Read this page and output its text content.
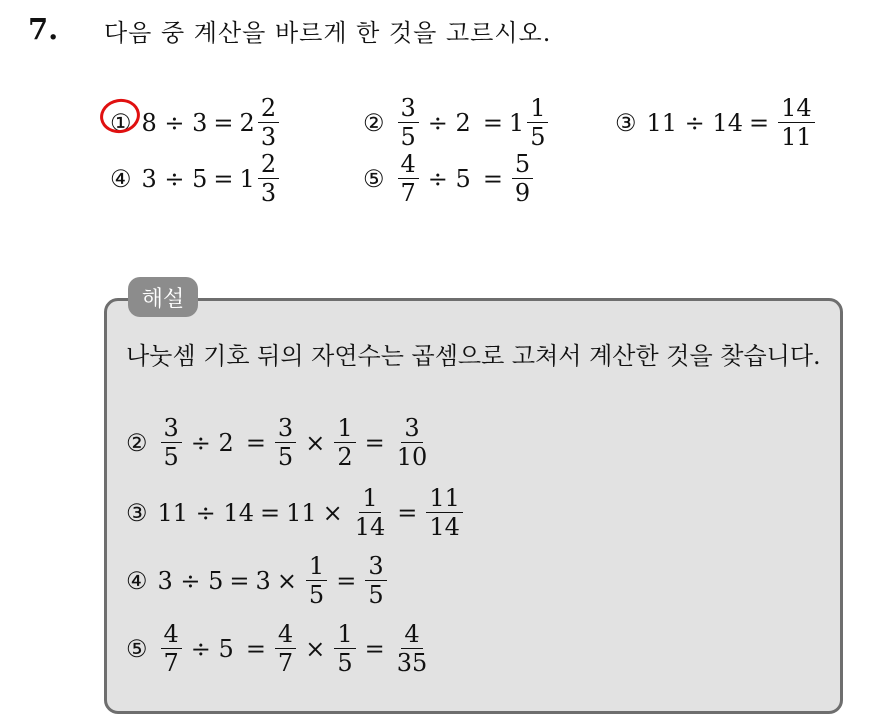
7. 다음 중 계산을 바르게 한 것을 고르시오.
① $8 \div 3 = 2 \frac{2}{3}$	② $\frac{3}{5} \div 2 = 1 \frac{1}{5}$	③ $11 \div 14 = \frac{14}{11}$
④ $3 \div 5 = 1 \frac{2}{3}$	⑤ $\frac{4}{7} \div 5 = \frac{5}{9}$
해설
나눗셈 기호 뒤의 자연수는 곱셈으로 고쳐서 계산한 것을 찾습니다.
② $\frac{3}{5} \div 2 = \frac{3}{5} \times \frac{1}{2} = \frac{3}{10}$
③ $11 \div 14 = 11 \times \frac{1}{14} = \frac{11}{14}$
④ $3 \div 5 = 3 \times \frac{1}{5} = \frac{3}{5}$
⑤ $\frac{4}{7} \div 5 = \frac{4}{7} \times \frac{1}{5} = \frac{4}{35}$
